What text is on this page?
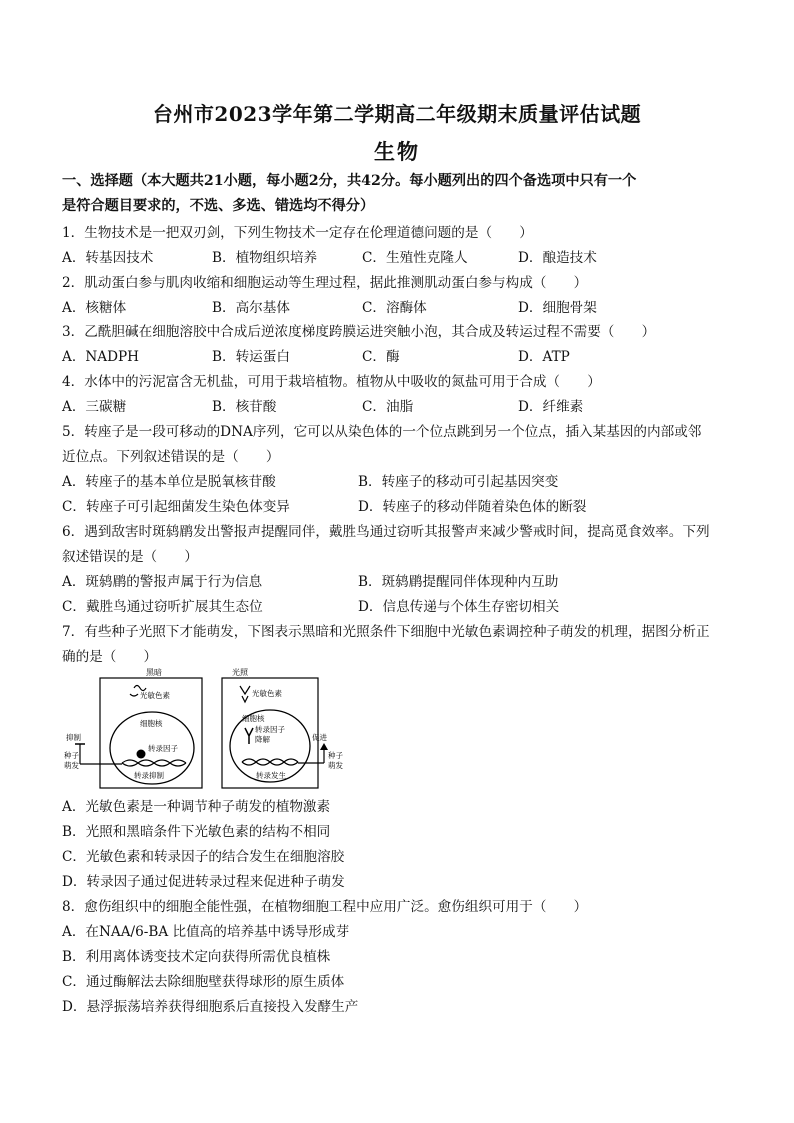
台州市2023学年第二学期高二年级期末质量评估试题
生物
一、选择题（本大题共21小题，每小题2分，共42分。每小题列出的四个备选项中只有一个
是符合题目要求的，不选、多选、错选均不得分）
1．生物技术是一把双刃剑，下列生物技术一定存在伦理道德问题的是（　　）
A．转基因技术	B．植物组织培养	C．生殖性克隆人	D．酿造技术
2．肌动蛋白参与肌肉收缩和细胞运动等生理过程，据此推测肌动蛋白参与构成（　　）
A．核糖体	B．高尔基体	C．溶酶体	D．细胞骨架
3．乙酰胆碱在细胞溶胶中合成后逆浓度梯度跨膜运进突触小泡，其合成及转运过程不需要（　　）
A．NADPH	B．转运蛋白	C．酶	D．ATP
4．水体中的污泥富含无机盐，可用于栽培植物。植物从中吸收的氮盐可用于合成（　　）
A．三碳糖	B．核苷酸	C．油脂	D．纤维素
5．转座子是一段可移动的DNA序列，它可以从染色体的一个位点跳到另一个位点，插入某基因的内部或邻
近位点。下列叙述错误的是（　　）
A．转座子的基本单位是脱氧核苷酸	B．转座子的移动可引起基因突变
C．转座子可引起细菌发生染色体变异	D．转座子的移动伴随着染色体的断裂
6．遇到敌害时斑鸫鹛发出警报声提醒同伴，戴胜鸟通过窃听其报警声来减少警戒时间，提高觅食效率。下列
叙述错误的是（　　）
A．斑鸫鹛的警报声属于行为信息	B．斑鸫鹛提醒同伴体现种内互助
C．戴胜鸟通过窃听扩展其生态位	D．信息传递与个体生存密切相关
7．有些种子光照下才能萌发，下图表示黑暗和光照条件下细胞中光敏色素调控种子萌发的机理，据图分析正
确的是（　　）
黑暗
光敏色素
细胞核
转录因子
转录抑制
抑制
种子
萌发
光照
光敏色素
细胞核
转录因子
降解
转录发生
促进
种子
萌发
A．光敏色素是一种调节种子萌发的植物激素
B．光照和黑暗条件下光敏色素的结构不相同
C．光敏色素和转录因子的结合发生在细胞溶胶
D．转录因子通过促进转录过程来促进种子萌发
8．愈伤组织中的细胞全能性强，在植物细胞工程中应用广泛。愈伤组织可用于（　　）
A．在NAA/6-BA 比值高的培养基中诱导形成芽
B．利用离体诱变技术定向获得所需优良植株
C．通过酶解法去除细胞壁获得球形的原生质体
D．悬浮振荡培养获得细胞系后直接投入发酵生产
